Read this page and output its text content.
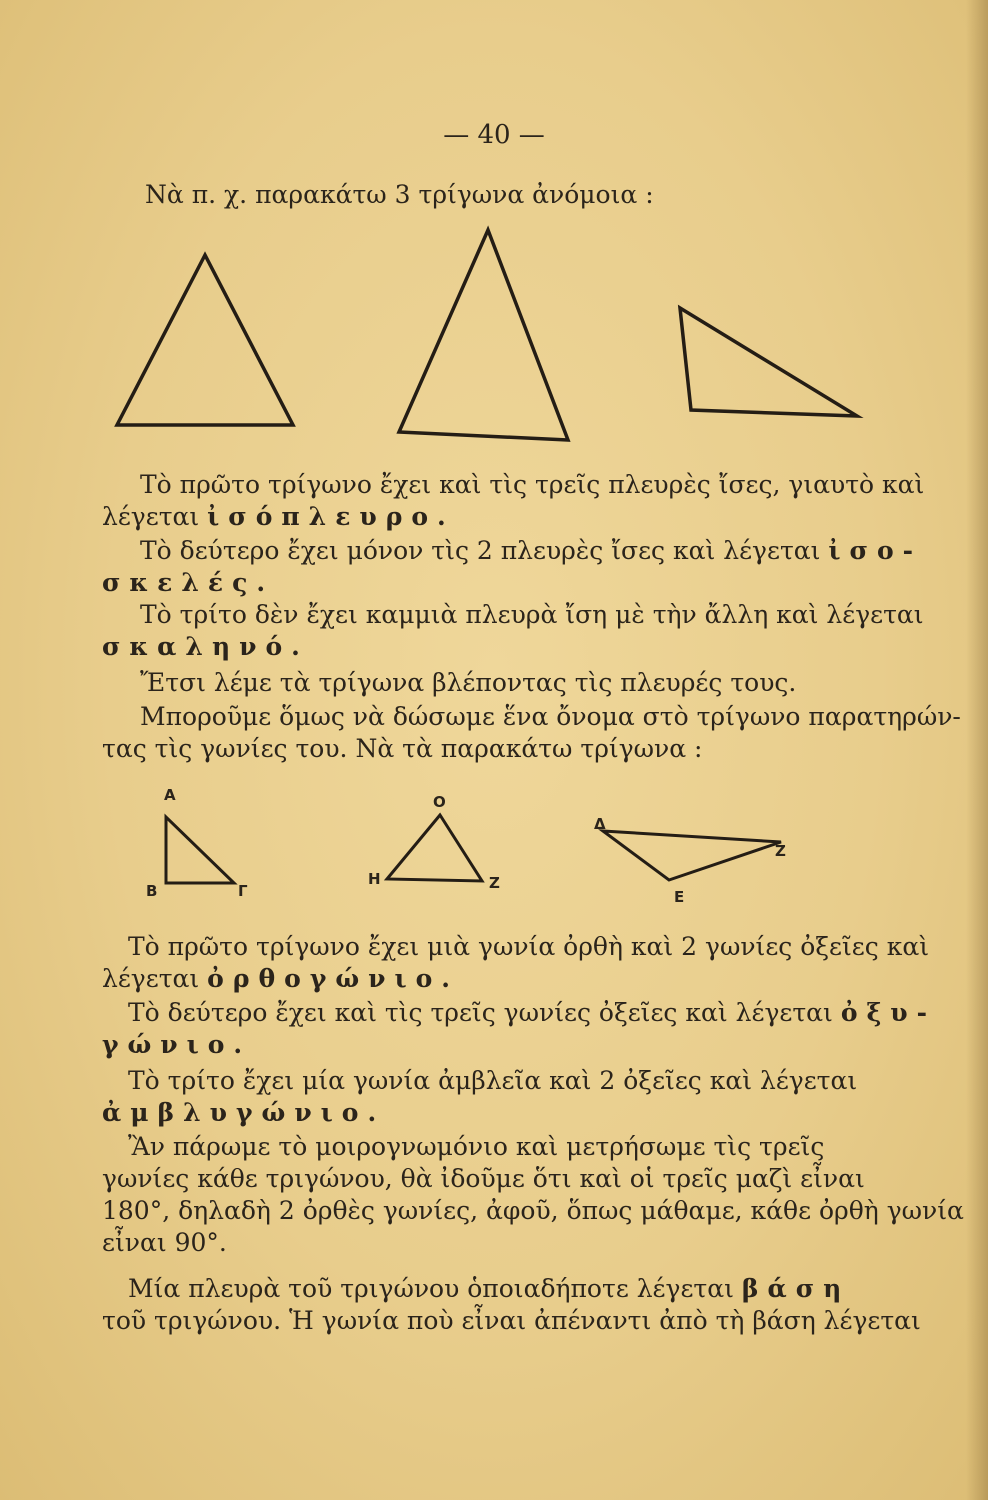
— 40 —
Νὰ π. χ. παρακάτω 3 τρίγωνα ἀνόμοια :
Α
Β	Γ
Ο
Η	Ζ
Δ
Ε
Ζ
Τὸ πρῶτο τρίγωνο ἔχει καὶ τὶς τρεῖς πλευρὲς ἴσες, γιαυτὸ καὶ
λέγεται ἰσόπλευρο.
Τὸ δεύτερο ἔχει μόνον τὶς 2 πλευρὲς ἴσες καὶ λέγεται ἰσο-
σκελές.
Τὸ τρίτο δὲν ἔχει καμμιὰ πλευρὰ ἴση μὲ τὴν ἄλλη καὶ λέγεται
σκαληνό.
Ἔτσι λέμε τὰ τρίγωνα βλέποντας τὶς πλευρές τους.
Μποροῦμε ὅμως νὰ δώσωμε ἕνα ὄνομα στὸ τρίγωνο παρατηρών-
τας τὶς γωνίες του. Νὰ τὰ παρακάτω τρίγωνα :
Τὸ πρῶτο τρίγωνο ἔχει μιὰ γωνία ὀρθὴ καὶ 2 γωνίες ὀξεῖες καὶ
λέγεται ὀρθογώνιο.
Τὸ δεύτερο ἔχει καὶ τὶς τρεῖς γωνίες ὀξεῖες καὶ λέγεται ὀξυ-
γώνιο.
Τὸ τρίτο ἔχει μία γωνία ἀμβλεῖα καὶ 2 ὀξεῖες καὶ λέγεται
ἀμβλυγώνιο.
Ἂν πάρωμε τὸ μοιρογνωμόνιο καὶ μετρήσωμε τὶς τρεῖς
γωνίες κάθε τριγώνου, θὰ ἰδοῦμε ὅτι καὶ οἱ τρεῖς μαζὶ εἶναι
180°, δηλαδὴ 2 ὀρθὲς γωνίες, ἀφοῦ, ὅπως μάθαμε, κάθε ὀρθὴ γωνία
εἶναι 90°.
Μία πλευρὰ τοῦ τριγώνου ὁποιαδήποτε λέγεται βάση
τοῦ τριγώνου. Ἡ γωνία ποὺ εἶναι ἀπέναντι ἀπὸ τὴ βάση λέγεται
